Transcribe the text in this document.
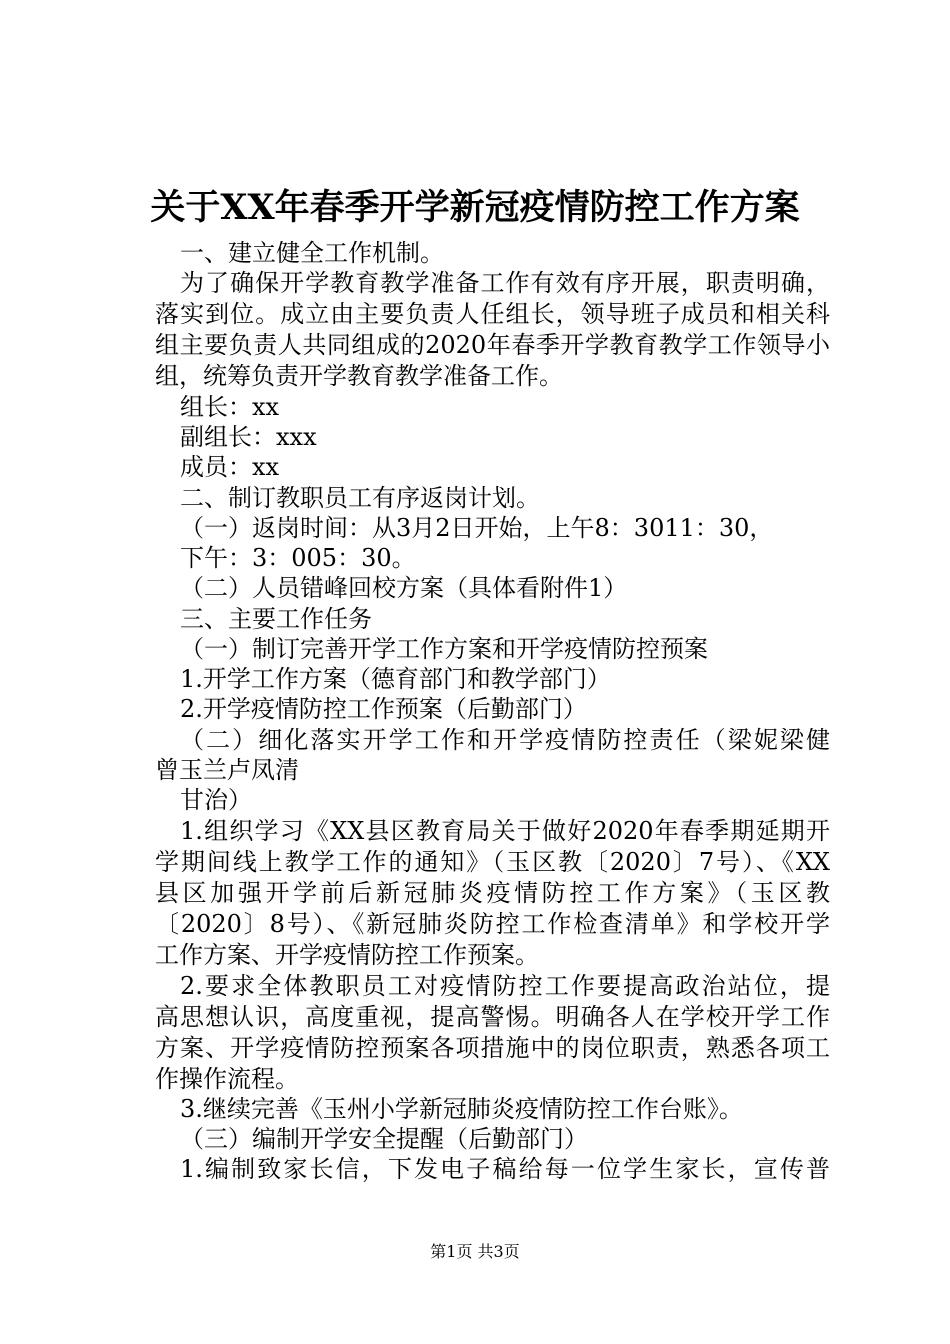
关于XX年春季开学新冠疫情防控工作方案
一、建立健全工作机制。
为了确保开学教育教学准备工作有效有序开展，职责明确，
落实到位。成立由主要负责人任组长，领导班子成员和相关科
组主要负责人共同组成的2020年春季开学教育教学工作领导小
组，统筹负责开学教育教学准备工作。
组长：xx
副组长：xxx
成员：xx
二、制订教职员工有序返岗计划。
（一）返岗时间：从3月2日开始，上午8：3011：30，
下午：3：005：30。
（二）人员错峰回校方案（具体看附件1）
三、主要工作任务
（一）制订完善开学工作方案和开学疫情防控预案
1.开学工作方案（德育部门和教学部门）
2.开学疫情防控工作预案（后勤部门）
（二）细化落实开学工作和开学疫情防控责任（梁妮梁健
曾玉兰卢凤清
甘治）
1.组织学习《XX县区教育局关于做好2020年春季期延期开
学期间线上教学工作的通知》（玉区教〔2020〕7号）、《XX
县区加强开学前后新冠肺炎疫情防控工作方案》（玉区教
〔2020〕8号）、《新冠肺炎防控工作检查清单》和学校开学
工作方案、开学疫情防控工作预案。
2.要求全体教职员工对疫情防控工作要提高政治站位，提
高思想认识，高度重视，提高警惕。明确各人在学校开学工作
方案、开学疫情防控预案各项措施中的岗位职责，熟悉各项工
作操作流程。
3.继续完善《玉州小学新冠肺炎疫情防控工作台账》。
（三）编制开学安全提醒（后勤部门）
1.编制致家长信，下发电子稿给每一位学生家长，宣传普
第1页 共3页
